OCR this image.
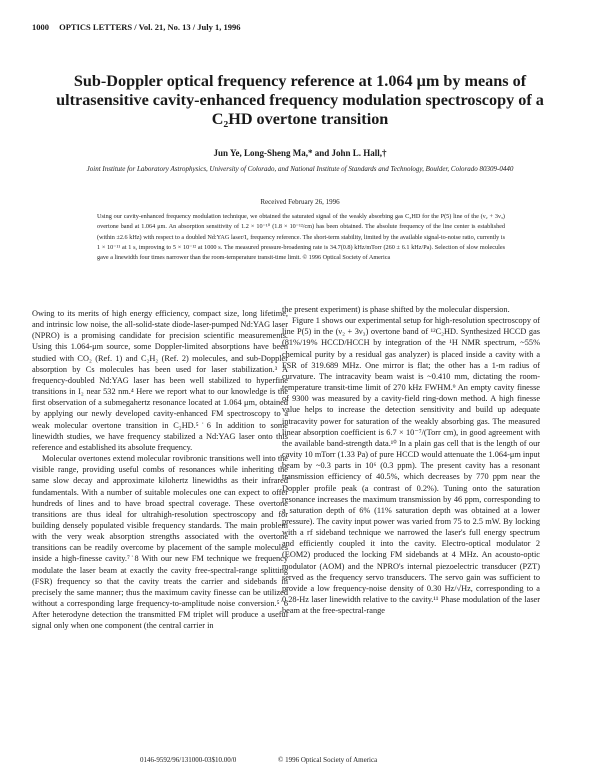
1000 OPTICS LETTERS / Vol. 21, No. 13 / July 1, 1996
Sub-Doppler optical frequency reference at 1.064 μm by means of ultrasensitive cavity-enhanced frequency modulation spectroscopy of a C₂HD overtone transition
Jun Ye, Long-Sheng Ma,* and John L. Hall,†
Joint Institute for Laboratory Astrophysics, University of Colorado, and National Institute of Standards and Technology, Boulder, Colorado 80309-0440
Received February 26, 1996
Using our cavity-enhanced frequency modulation technique, we obtained the saturated signal of the weakly absorbing gas C₂HD for the P(5) line of the (ν₂ + 3ν₃) overtone band at 1.064 μm. An absorption sensitivity of 1.2 × 10⁻¹⁰ (1.8 × 10⁻¹²/cm) has been obtained. The absolute frequency of the line center is established (within ±2.6 kHz) with respect to a doubled Nd:YAG laser/I₂ frequency reference. The short-term stability, limited by the available signal-to-noise ratio, currently is 1 × 10⁻¹¹ at 1 s, improving to 5 × 10⁻¹² at 1000 s. The measured pressure-broadening rate is 34.7(0.8) kHz/mTorr (260 ± 6.1 kHz/Pa). Selection of slow molecules gave a linewidth four times narrower than the room-temperature transit-time limit. © 1996 Optical Society of America

Owing to its merits of high energy efficiency, compact size, long lifetime, and intrinsic low noise, the all-solid-state diode-laser-pumped Nd:YAG laser (NPRO) is a promising candidate for precision scientific measurements. Using this 1.064-μm source, some Doppler-limited absorptions have been studied with CO₂ (Ref. 1) and C₂H₂ (Ref. 2) molecules, and sub-Doppler absorption by Cs molecules has been used for laser stabilization.³ A frequency-doubled Nd:YAG laser has been well stabilized to hyperfine transitions in I₂ near 532 nm.⁴ Here we report what to our knowledge is the first observation of a submegahertz resonance located at 1.064 μm, obtained by applying our newly developed cavity-enhanced FM spectroscopy to a weak molecular overtone transition in C₂HD.⁵˙6 In addition to some linewidth studies, we have frequency stabilized a Nd:YAG laser onto this reference and established its absolute frequency.

Molecular overtones extend molecular rovibronic transitions well into the visible range, providing useful combs of resonances while inheriting the same slow decay and approximate kilohertz linewidths as their infrared fundamentals. With a number of suitable molecules one can expect to offer hundreds of lines and to have broad spectral coverage. These overtone transitions are thus ideal for ultrahigh-resolution spectroscopy and for building densely populated visible frequency standards. The main problem with the very weak absorption strengths associated with the overtone transitions can be readily overcome by placement of the sample molecules inside a high-finesse cavity.⁷˙8 With our new FM technique we frequency modulate the laser beam at exactly the cavity free-spectral-range splitting (FSR) frequency so that the cavity treats the carrier and sidebands in precisely the same manner; thus the maximum cavity finesse can be utilized without a corresponding large frequency-to-amplitude noise conversion.⁵˙6 After heterodyne detection the transmitted FM triplet will produce a useful signal only when one component (the central carrier in

the present experiment) is phase shifted by the molecular dispersion.

Figure 1 shows our experimental setup for high-resolution spectroscopy of line P(5) in the (ν₂ + 3ν₃) overtone band of ¹²C₂HD. Synthesized HCCD gas (81%/19% HCCD/HCCH by integration of the ¹H NMR spectrum, ~55% chemical purity by a residual gas analyzer) is placed inside a cavity with a FSR of 319.689 MHz. One mirror is flat; the other has a 1-m radius of curvature. The intracavity beam waist is ~0.410 mm, dictating the room-temperature transit-time limit of 270 kHz FWHM.⁹ An empty cavity finesse of 9300 was measured by a cavity-field ring-down method. A high finesse value helps to increase the detection sensitivity and build up adequate intracavity power for saturation of the weakly absorbing gas. The measured linear absorption coefficient is 6.7 × 10⁻⁷/(Torr cm), in good agreement with the available band-strength data.¹⁰ In a plain gas cell that is the length of our cavity 10 mTorr (1.33 Pa) of pure HCCD would attenuate the 1.064-μm input beam by ~0.3 parts in 10⁶ (0.3 ppm). The present cavity has a resonant transmission efficiency of 40.5%, which decreases by 770 ppm near the Doppler profile peak (a contrast of 0.2%). Tuning onto the saturation resonance increases the maximum transmission by 46 ppm, corresponding to a saturation depth of 6% (11% saturation depth was obtained at a lower pressure). The cavity input power was varied from 75 to 2.5 mW. By locking with a rf sideband technique we narrowed the laser's full energy spectrum and efficiently coupled it into the cavity. Electro-optical modulator 2 (EOM2) produced the locking FM sidebands at 4 MHz. An acousto-optic modulator (AOM) and the NPRO's internal piezoelectric transducer (PZT) served as the frequency servo transducers. The servo gain was sufficient to provide a low frequency-noise density of 0.30 Hz/√Hz, corresponding to a 0.28-Hz laser linewidth relative to the cavity.¹¹ Phase modulation of the laser beam at the free-spectral-range

0146-9592/96/131000-03$10.00/0	© 1996 Optical Society of America
